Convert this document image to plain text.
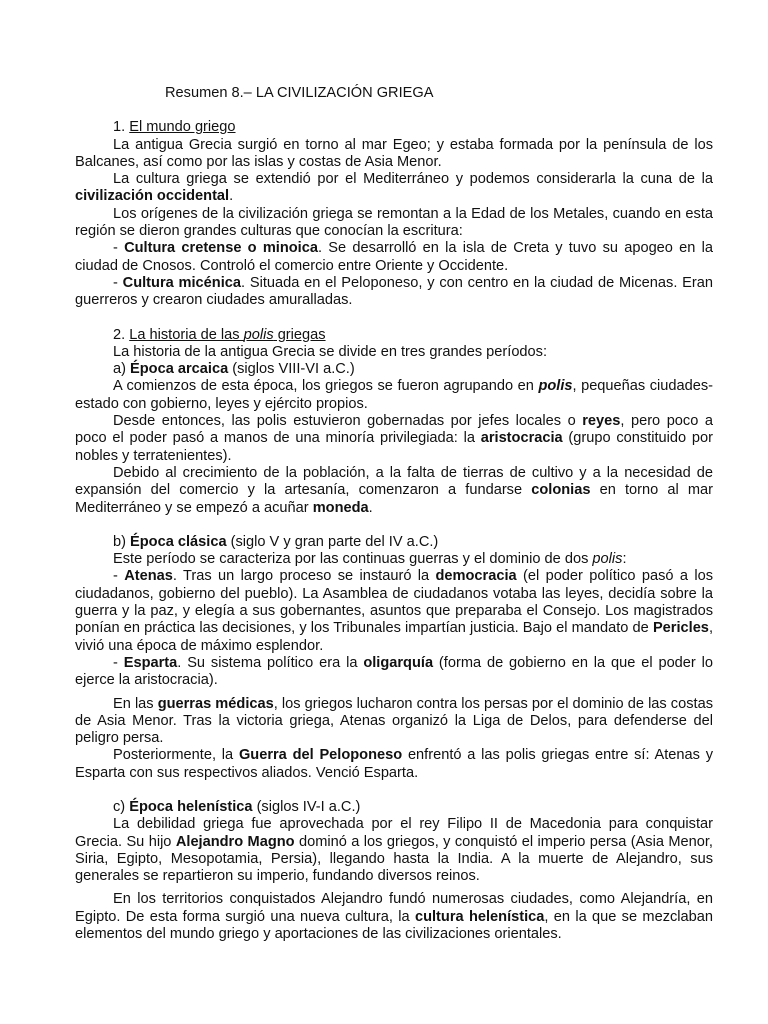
Resumen 8.– LA CIVILIZACIÓN GRIEGA
1. El mundo griego
La antigua Grecia surgió en torno al mar Egeo; y estaba formada por la península de los Balcanes, así como por las islas y costas de Asia Menor.
La cultura griega se extendió por el Mediterráneo y podemos considerarla la cuna de la civilización occidental.
Los orígenes de la civilización griega se remontan a la Edad de los Metales, cuando en esta región se dieron grandes culturas que conocían la escritura:
- Cultura cretense o minoica. Se desarrolló en la isla de Creta y tuvo su apogeo en la ciudad de Cnosos. Controló el comercio entre Oriente y Occidente.
- Cultura micénica. Situada en el Peloponeso, y con centro en la ciudad de Micenas. Eran guerreros y crearon ciudades amuralladas.
2. La historia de las polis griegas
La historia de la antigua Grecia se divide en tres grandes períodos:
a) Época arcaica (siglos VIII-VI a.C.)
A comienzos de esta época, los griegos se fueron agrupando en polis, pequeñas ciudades-estado con gobierno, leyes y ejército propios.
Desde entonces, las polis estuvieron gobernadas por jefes locales o reyes, pero poco a poco el poder pasó a manos de una minoría privilegiada: la aristocracia (grupo constituido por nobles y terratenientes).
Debido al crecimiento de la población, a la falta de tierras de cultivo y a la necesidad de expansión del comercio y la artesanía, comenzaron a fundarse colonias en torno al mar Mediterráneo y se empezó a acuñar moneda.
b) Época clásica (siglo V y gran parte del IV a.C.)
Este período se caracteriza por las continuas guerras y el dominio de dos polis:
- Atenas. Tras un largo proceso se instauró la democracia (el poder político pasó a los ciudadanos, gobierno del pueblo). La Asamblea de ciudadanos votaba las leyes, decidía sobre la guerra y la paz, y elegía a sus gobernantes, asuntos que preparaba el Consejo. Los magistrados ponían en práctica las decisiones, y los Tribunales impartían justicia. Bajo el mandato de Pericles, vivió una época de máximo esplendor.
- Esparta. Su sistema político era la oligarquía (forma de gobierno en la que el poder lo ejerce la aristocracia).
En las guerras médicas, los griegos lucharon contra los persas por el dominio de las costas de Asia Menor. Tras la victoria griega, Atenas organizó la Liga de Delos, para defenderse del peligro persa.
Posteriormente, la Guerra del Peloponeso enfrentó a las polis griegas entre sí: Atenas y Esparta con sus respectivos aliados. Venció Esparta.
c) Época helenística (siglos IV-I a.C.)
La debilidad griega fue aprovechada por el rey Filipo II de Macedonia para conquistar Grecia. Su hijo Alejandro Magno dominó a los griegos, y conquistó el imperio persa (Asia Menor, Siria, Egipto, Mesopotamia, Persia), llegando hasta la India. A la muerte de Alejandro, sus generales se repartieron su imperio, fundando diversos reinos.
En los territorios conquistados Alejandro fundó numerosas ciudades, como Alejandría, en Egipto. De esta forma surgió una nueva cultura, la cultura helenística, en la que se mezclaban elementos del mundo griego y aportaciones de las civilizaciones orientales.
